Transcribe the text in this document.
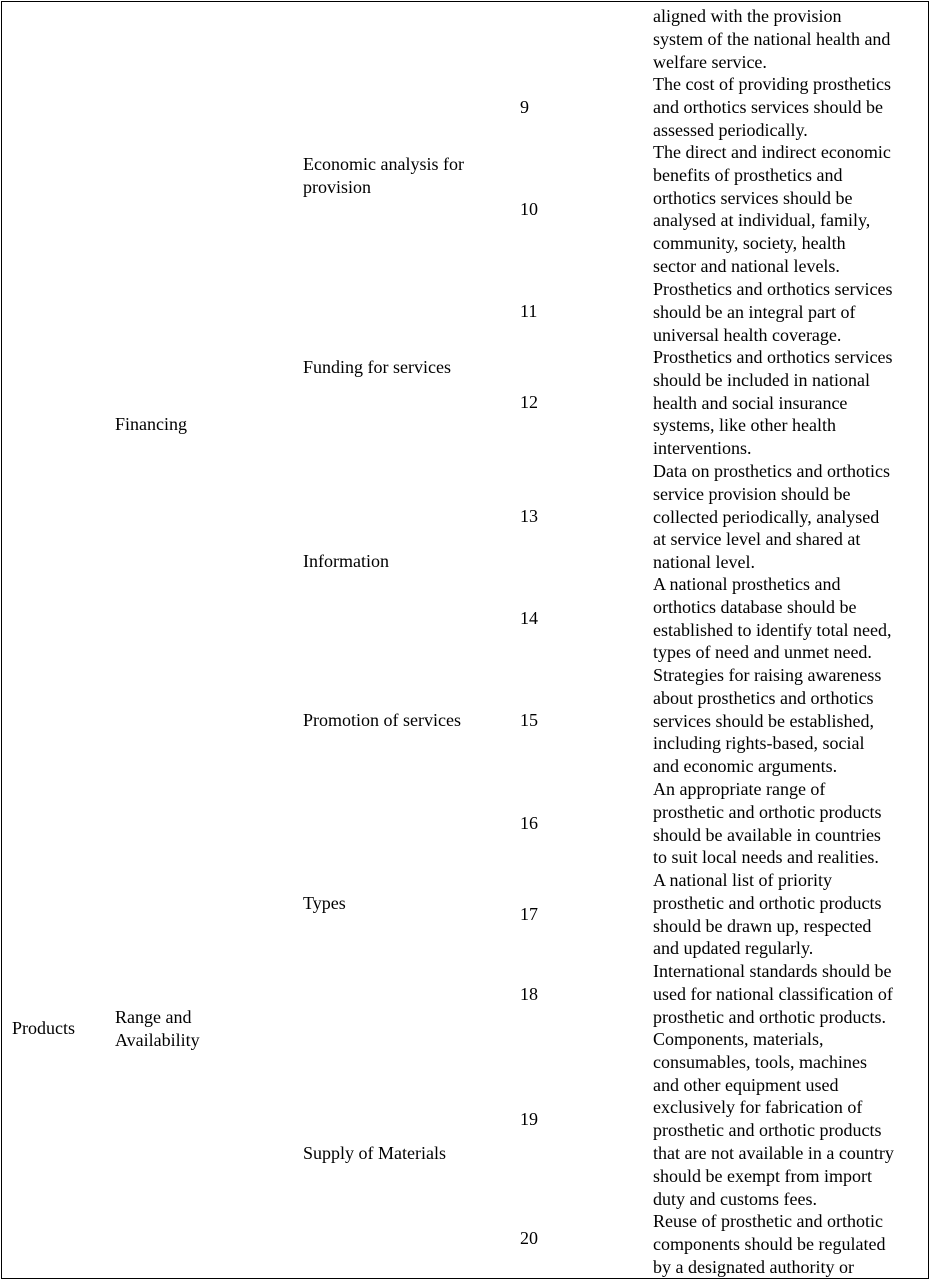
Products
Financing
Range and
Availability
Economic analysis for
provision
Funding for services
Information
Promotion of services
Types
Supply of Materials
9
10
11
12
13
14
15
16
17
18
19
20
aligned with the provision
system of the national health and
welfare service.
The cost of providing prosthetics
and orthotics services should be
assessed periodically.
The direct and indirect economic
benefits of prosthetics and
orthotics services should be
analysed at individual, family,
community, society, health
sector and national levels.
Prosthetics and orthotics services
should be an integral part of
universal health coverage.
Prosthetics and orthotics services
should be included in national
health and social insurance
systems, like other health
interventions.
Data on prosthetics and orthotics
service provision should be
collected periodically, analysed
at service level and shared at
national level.
A national prosthetics and
orthotics database should be
established to identify total need,
types of need and unmet need.
Strategies for raising awareness
about prosthetics and orthotics
services should be established,
including rights-based, social
and economic arguments.
An appropriate range of
prosthetic and orthotic products
should be available in countries
to suit local needs and realities.
A national list of priority
prosthetic and orthotic products
should be drawn up, respected
and updated regularly.
International standards should be
used for national classification of
prosthetic and orthotic products.
Components, materials,
consumables, tools, machines
and other equipment used
exclusively for fabrication of
prosthetic and orthotic products
that are not available in a country
should be exempt from import
duty and customs fees.
Reuse of prosthetic and orthotic
components should be regulated
by a designated authority or
